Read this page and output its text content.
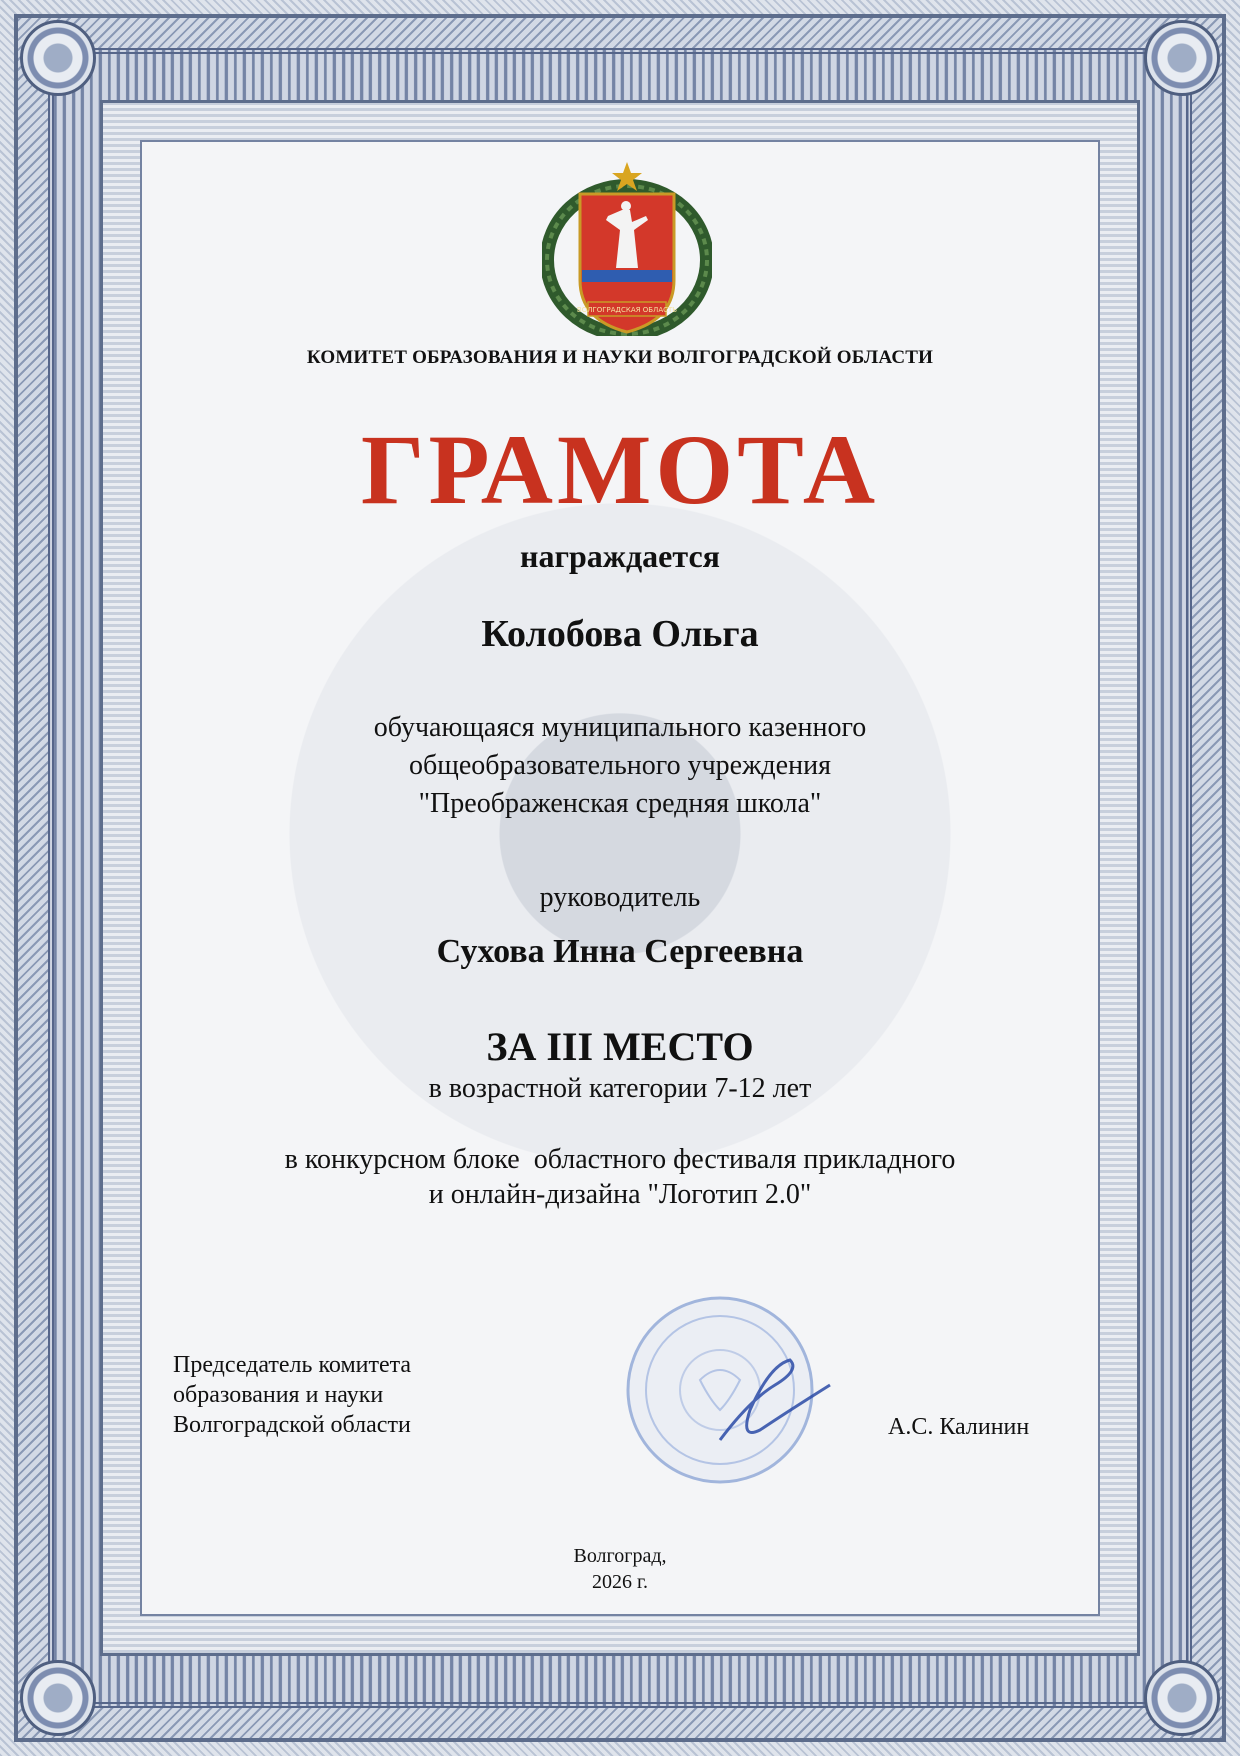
ВОЛГОГРАДСКАЯ ОБЛАСТЬ
КОМИТЕТ ОБРАЗОВАНИЯ И НАУКИ ВОЛГОГРАДСКОЙ ОБЛАСТИ
ГРАМОТА
награждается
Колобова Ольга
обучающаяся муниципального казенного
общеобразовательного учреждения
"Преображенская средняя школа"
руководитель
Сухова Инна Сергеевна
ЗА III МЕСТО
в возрастной категории 7-12 лет
в конкурсном блоке  областного фестиваля прикладного
и онлайн-дизайна "Логотип 2.0"
Председатель комитета
образования и науки
Волгоградской области	А.С. Калинин
Волгоград,
2026 г.
